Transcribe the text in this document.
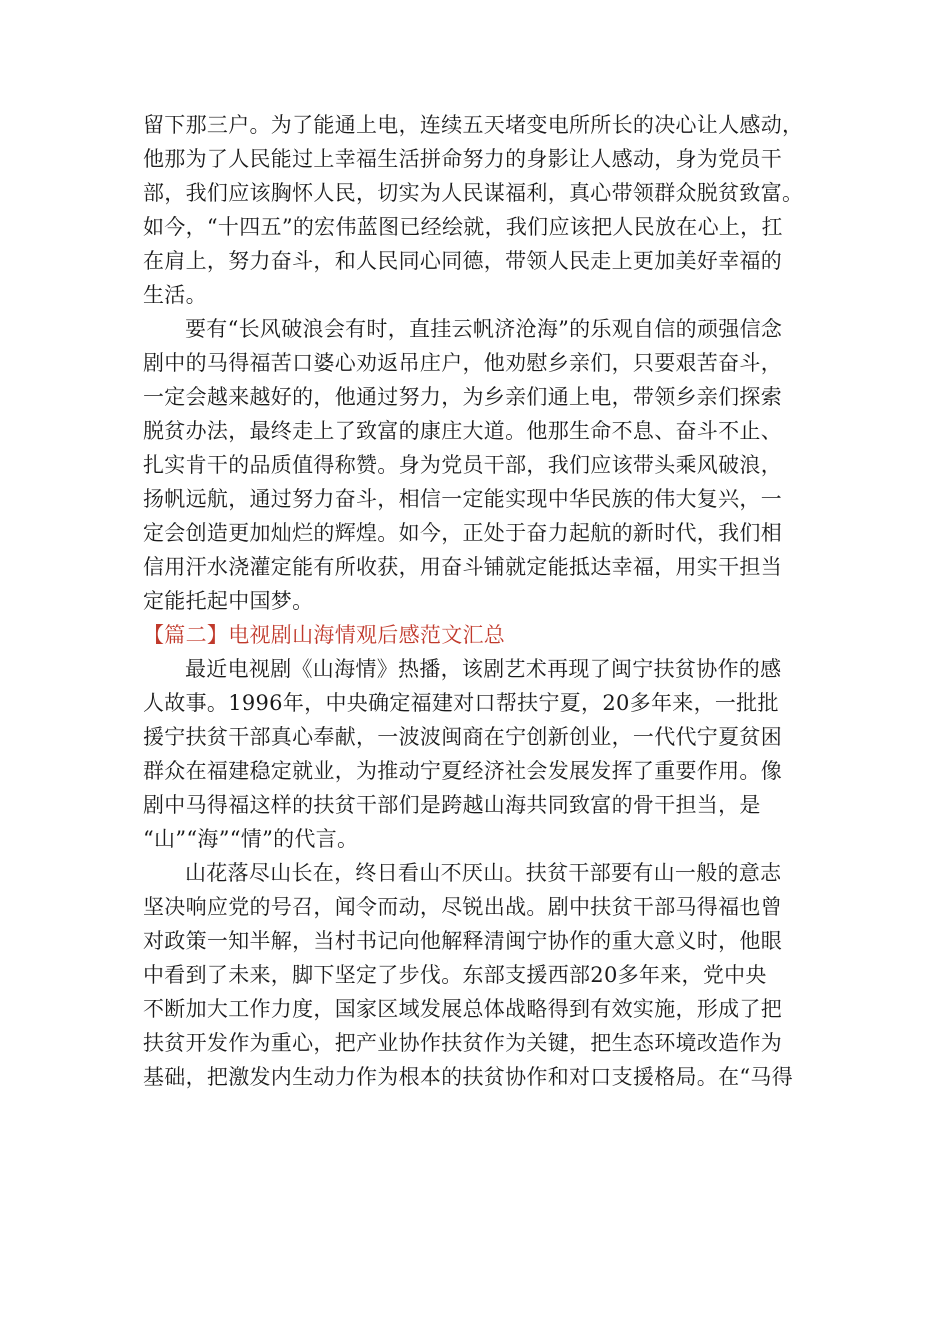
留下那三户。为了能通上电，连续五天堵变电所所长的决心让人感动，
他那为了人民能过上幸福生活拼命努力的身影让人感动，身为党员干
部，我们应该胸怀人民，切实为人民谋福利，真心带领群众脱贫致富。
如今，“十四五”的宏伟蓝图已经绘就，我们应该把人民放在心上，扛
在肩上，努力奋斗，和人民同心同德，带领人民走上更加美好幸福的
生活。
要有“长风破浪会有时，直挂云帆济沧海”的乐观自信的顽强信念
剧中的马得福苦口婆心劝返吊庄户，他劝慰乡亲们，只要艰苦奋斗，
一定会越来越好的，他通过努力，为乡亲们通上电，带领乡亲们探索
脱贫办法，最终走上了致富的康庄大道。他那生命不息、奋斗不止、
扎实肯干的品质值得称赞。身为党员干部，我们应该带头乘风破浪，
扬帆远航，通过努力奋斗，相信一定能实现中华民族的伟大复兴，一
定会创造更加灿烂的辉煌。如今，正处于奋力起航的新时代，我们相
信用汗水浇灌定能有所收获，用奋斗铺就定能抵达幸福，用实干担当
定能托起中国梦。
【篇二】电视剧山海情观后感范文汇总
最近电视剧《山海情》热播，该剧艺术再现了闽宁扶贫协作的感
人故事。1996年，中央确定福建对口帮扶宁夏，20多年来，一批批
援宁扶贫干部真心奉献，一波波闽商在宁创新创业，一代代宁夏贫困
群众在福建稳定就业，为推动宁夏经济社会发展发挥了重要作用。像
剧中马得福这样的扶贫干部们是跨越山海共同致富的骨干担当，是
“山”“海”“情”的代言。
山花落尽山长在，终日看山不厌山。扶贫干部要有山一般的意志
坚决响应党的号召，闻令而动，尽锐出战。剧中扶贫干部马得福也曾
对政策一知半解，当村书记向他解释清闽宁协作的重大意义时，他眼
中看到了未来，脚下坚定了步伐。东部支援西部20多年来，党中央
不断加大工作力度，国家区域发展总体战略得到有效实施，形成了把
扶贫开发作为重心，把产业协作扶贫作为关键，把生态环境改造作为
基础，把激发内生动力作为根本的扶贫协作和对口支援格局。在“马得
